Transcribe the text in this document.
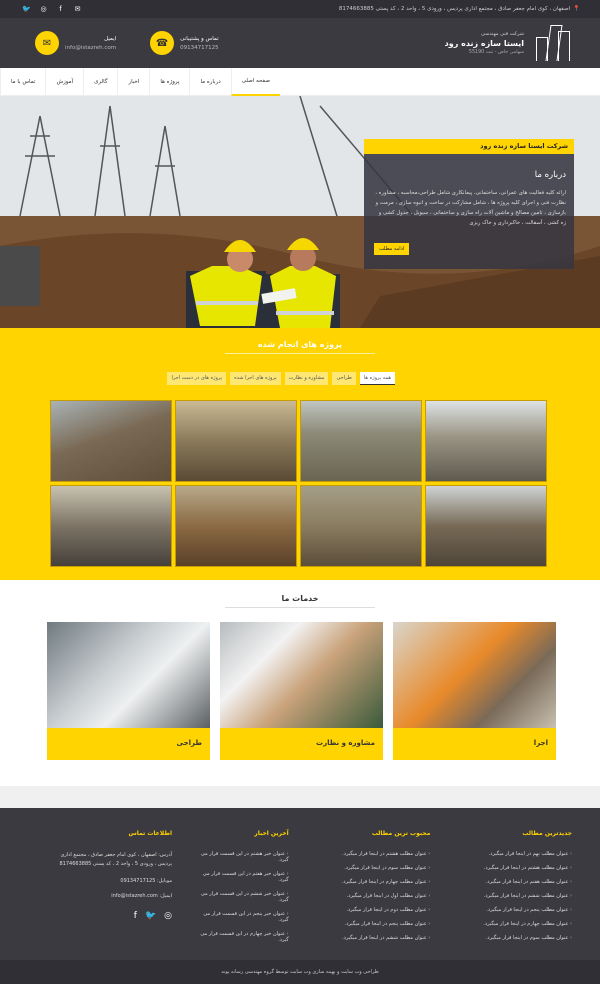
🐦	◎	f	✉	📍
اصفهان ، کوی امام جعفر صادق ، مجتمع اداری پردیس ، ورودی 5 ، واحد 2 ، کد پستی 8174663885
✉	ایمیل
info@istazreh.com	☎	تماس و پشتیبانی
09134717125
شرکت فنی مهندسی
ایستا سازه زنده رود
سهامی خاص - ثبت 55190
صفحه اصلی
درباره ما
پروژه ها
اخبار
گالری
آموزش
تماس با ما
شرکت ایستا سازه زنده رود
درباره ما

ارائه کلیه فعالیت های عمرانی، ساختمانی، پیمانکاری شامل طراحی،محاسبه ، مشاوره ، نظارت فنی و اجرای کلیه پروژه ها ، شامل مشارکت در ساخت و انبوه سازی ، مرمت و بازسازی ، تامین مصالح و ماشین آلات راه سازی و ساختمانی ، سیویل ، جدول کشی و زه کشی ، آسفالت ، خاکبرداری و خاک ریزی

ادامه مطلب
پروژه های انجام شده
همه پروژه ها
طراحی
مشاوره و نظارت
پروژه های اجرا شده
پروژه های در دست اجرا
خدمات ما
طراحی	مشاوره و نظارت	اجرا
جدیدترین مطالب
‹ عنوان مطلب نهم در اینجا قرار میگیرد.
‹ عنوان مطلب هشتم در اینجا قرار میگیرد.
‹ عنوان مطلب هفتم در اینجا قرار میگیرد.
‹ عنوان مطلب ششم در اینجا قرار میگیرد.
‹ عنوان مطلب پنجم در اینجا قرار میگیرد.
‹ عنوان مطلب چهارم در اینجا قرار میگیرد.
‹ عنوان مطلب سوم در اینجا قرار میگیرد.
محبوب ترین مطالب
‹ عنوان مطلب هشتم در اینجا قرار میگیرد.
‹ عنوان مطلب سوم در اینجا قرار میگیرد.
‹ عنوان مطلب چهارم در اینجا قرار میگیرد.
‹ عنوان مطلب اول در اینجا قرار میگیرد.
‹ عنوان مطلب دوم در اینجا قرار میگیرد.
‹ عنوان مطلب پنجم در اینجا قرار میگیرد.
‹ عنوان مطلب ششم در اینجا قرار میگیرد.
آخرین اخبار
‹ عنوان خبر هشتم در این قسمت قرار می گیرد.
‹ عنوان خبر هفتم در این قسمت قرار می گیرد.
‹ عنوان خبر ششم در این قسمت قرار می گیرد.
‹ عنوان خبر پنجم در این قسمت قرار می گیرد.
‹ عنوان خبر چهارم در این قسمت قرار می گیرد.
اطلاعات تماس
آدرس: اصفهان ، کوی امام جعفر صادق ، مجتمع اداری پردیس ، ورودی 5 ، واحد 2 ، کد پستی 8174663885
موبایل: 09134717125
ایمیل: info@istazreh.com
◎
🐦
f
طراحی وب سایت و بهینه سازی وب سایت توسط گروه مهندسی رسانه پونه
